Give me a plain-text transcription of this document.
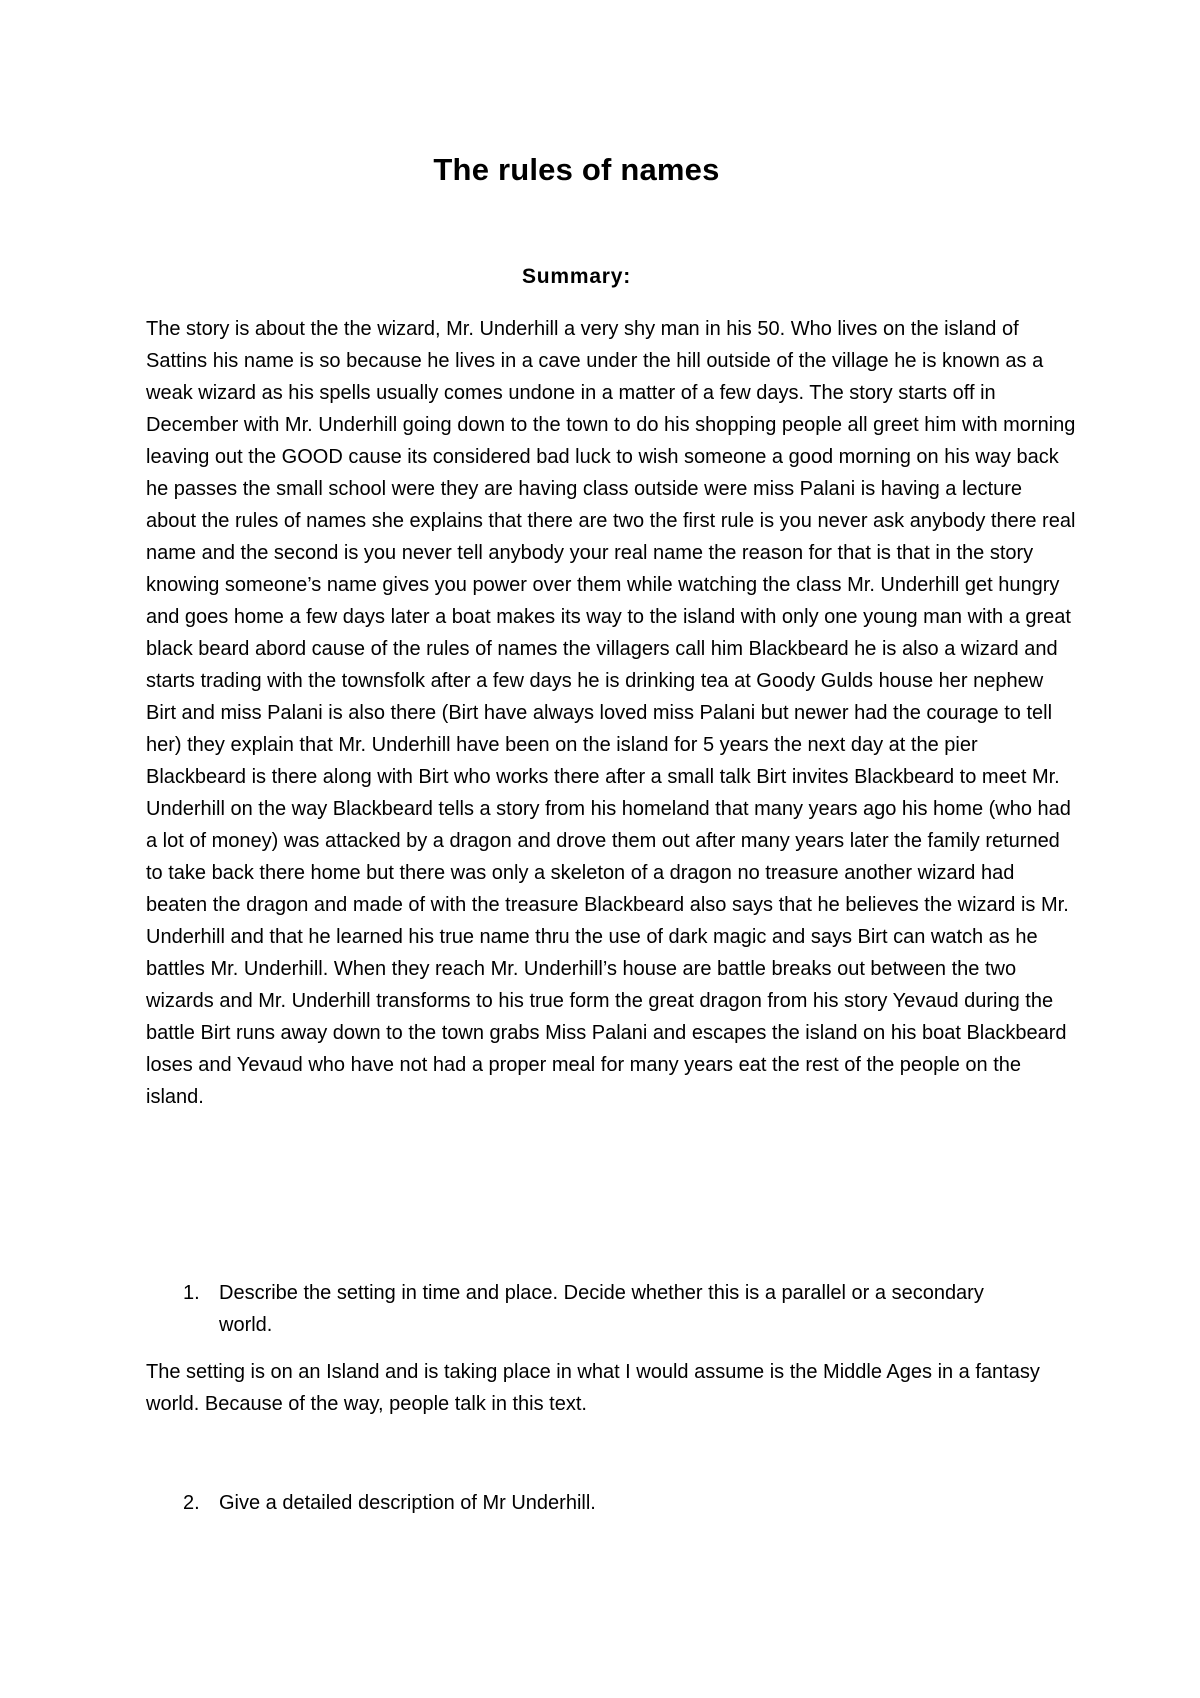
The rules of names
Summary:

The story is about the the wizard, Mr. Underhill a very shy man in his 50. Who lives on the island of Sattins his name is so because he lives in a cave under the hill outside of the village he is known as a weak wizard as his spells usually comes undone in a matter of a few days. The story starts off in December with Mr. Underhill going down to the town to do his shopping people all greet him with morning leaving out the GOOD cause its considered bad luck to wish someone a good morning on his way back he passes the small school were they are having class outside were miss Palani is having a lecture about the rules of names she explains that there are two the first rule is you never ask anybody there real name and the second is you never tell anybody your real name the reason for that is that in the story knowing someone’s name gives you power over them while watching the class Mr. Underhill get hungry and goes home a few days later a boat makes its way to the island with only one young man with a great black beard abord cause of the rules of names the villagers call him Blackbeard he is also a wizard and starts trading with the townsfolk after a few days he is drinking tea at Goody Gulds house her nephew Birt and miss Palani is also there (Birt have always loved miss Palani but newer had the courage to tell her) they explain that Mr. Underhill have been on the island for 5 years the next day at the pier Blackbeard is there along with Birt who works there after a small talk Birt invites Blackbeard to meet Mr. Underhill on the way Blackbeard tells a story from his homeland that many years ago his home (who had a lot of money) was attacked by a dragon and drove them out after many years later the family returned to take back there home but there was only a skeleton of a dragon no treasure another wizard had beaten the dragon and made of with the treasure Blackbeard also says that he believes the wizard is Mr. Underhill and that he learned his true name thru the use of dark magic and says Birt can watch as he battles Mr. Underhill. When they reach Mr. Underhill’s house are battle breaks out between the two wizards and Mr. Underhill transforms to his true form the great dragon from his story Yevaud during the battle Birt runs away down to the town grabs Miss Palani and escapes the island on his boat Blackbeard loses and Yevaud who have not had a proper meal for many years eat the rest of the people on the island.

1. Describe the setting in time and place. Decide whether this is a parallel or a secondary world.

The setting is on an Island and is taking place in what I would assume is the Middle Ages in a fantasy world. Because of the way, people talk in this text.

2. Give a detailed description of Mr Underhill.
